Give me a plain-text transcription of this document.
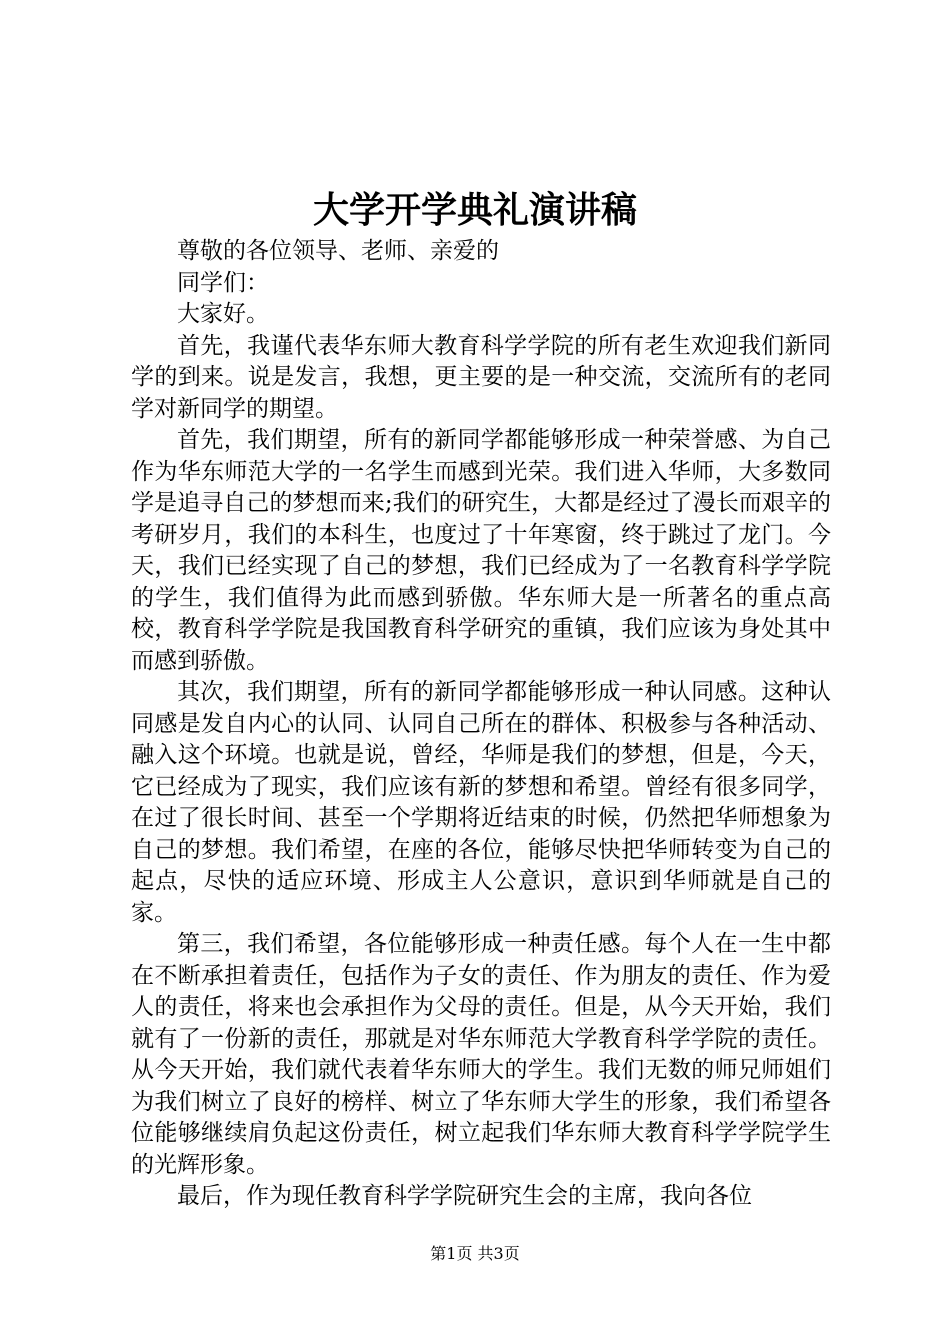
大学开学典礼演讲稿

尊敬的各位领导、老师、亲爱的

同学们：

大家好。

首先，我谨代表华东师大教育科学学院的所有老生欢迎我们新同学的到来。说是发言，我想，更主要的是一种交流，交流所有的老同学对新同学的期望。

首先，我们期望，所有的新同学都能够形成一种荣誉感、为自己作为华东师范大学的一名学生而感到光荣。我们进入华师，大多数同学是追寻自己的梦想而来;我们的研究生，大都是经过了漫长而艰辛的考研岁月，我们的本科生，也度过了十年寒窗，终于跳过了龙门。今天，我们已经实现了自己的梦想，我们已经成为了一名教育科学学院的学生，我们值得为此而感到骄傲。华东师大是一所著名的重点高校，教育科学学院是我国教育科学研究的重镇，我们应该为身处其中而感到骄傲。

其次，我们期望，所有的新同学都能够形成一种认同感。这种认同感是发自内心的认同、认同自己所在的群体、积极参与各种活动、融入这个环境。也就是说，曾经，华师是我们的梦想，但是，今天，它已经成为了现实，我们应该有新的梦想和希望。曾经有很多同学，在过了很长时间、甚至一个学期将近结束的时候，仍然把华师想象为自己的梦想。我们希望，在座的各位，能够尽快把华师转变为自己的起点，尽快的适应环境、形成主人公意识，意识到华师就是自己的家。

第三，我们希望，各位能够形成一种责任感。每个人在一生中都在不断承担着责任，包括作为子女的责任、作为朋友的责任、作为爱人的责任，将来也会承担作为父母的责任。但是，从今天开始，我们就有了一份新的责任，那就是对华东师范大学教育科学学院的责任。从今天开始，我们就代表着华东师大的学生。我们无数的师兄师姐们为我们树立了良好的榜样、树立了华东师大学生的形象，我们希望各位能够继续肩负起这份责任，树立起我们华东师大教育科学学院学生的光辉形象。

最后，作为现任教育科学学院研究生会的主席，我向各位

第1页 共3页
